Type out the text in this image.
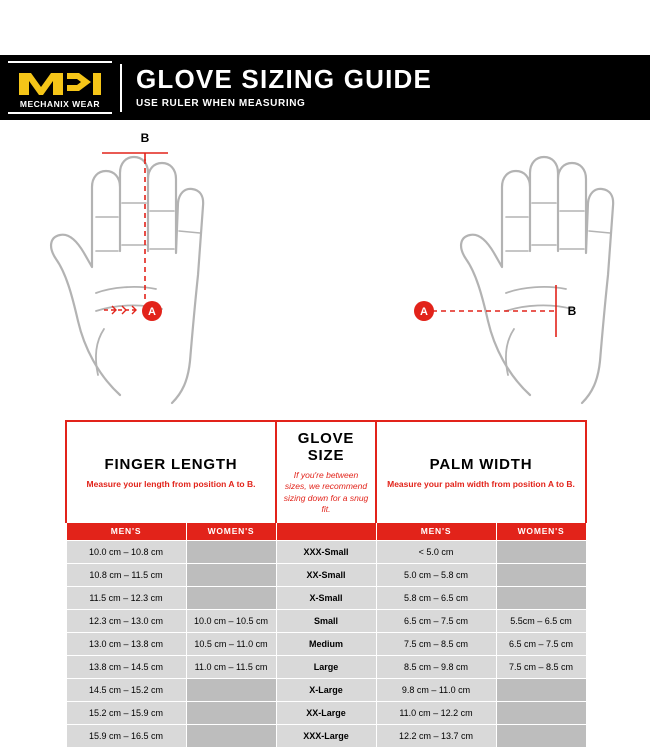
MECHANIX WEAR
GLOVE SIZING GUIDE
USE RULER WHEN MEASURING
B
A	A	B
FINGER LENGTH
Measure your length from position A to B.

GLOVE SIZE
If you're between sizes, we recommend sizing down for a snug fit.

PALM WIDTH
Measure your palm width from position A to B.

MEN'S	WOMEN'S		MEN'S	WOMEN'S
10.0 cm – 10.8 cm		XXX-Small	< 5.0 cm	
10.8 cm – 11.5 cm		XX-Small	5.0 cm – 5.8 cm	
11.5 cm – 12.3 cm		X-Small	5.8 cm – 6.5 cm	
12.3 cm – 13.0 cm	10.0 cm – 10.5 cm	Small	6.5 cm – 7.5 cm	5.5cm – 6.5 cm
13.0 cm – 13.8 cm	10.5 cm – 11.0 cm	Medium	7.5 cm – 8.5 cm	6.5 cm – 7.5 cm
13.8 cm – 14.5 cm	11.0 cm – 11.5 cm	Large	8.5 cm – 9.8 cm	7.5 cm – 8.5 cm
14.5 cm – 15.2 cm		X-Large	9.8 cm – 11.0 cm	
15.2 cm – 15.9 cm		XX-Large	11.0 cm – 12.2 cm	
15.9 cm – 16.5 cm		XXX-Large	12.2 cm – 13.7 cm	
